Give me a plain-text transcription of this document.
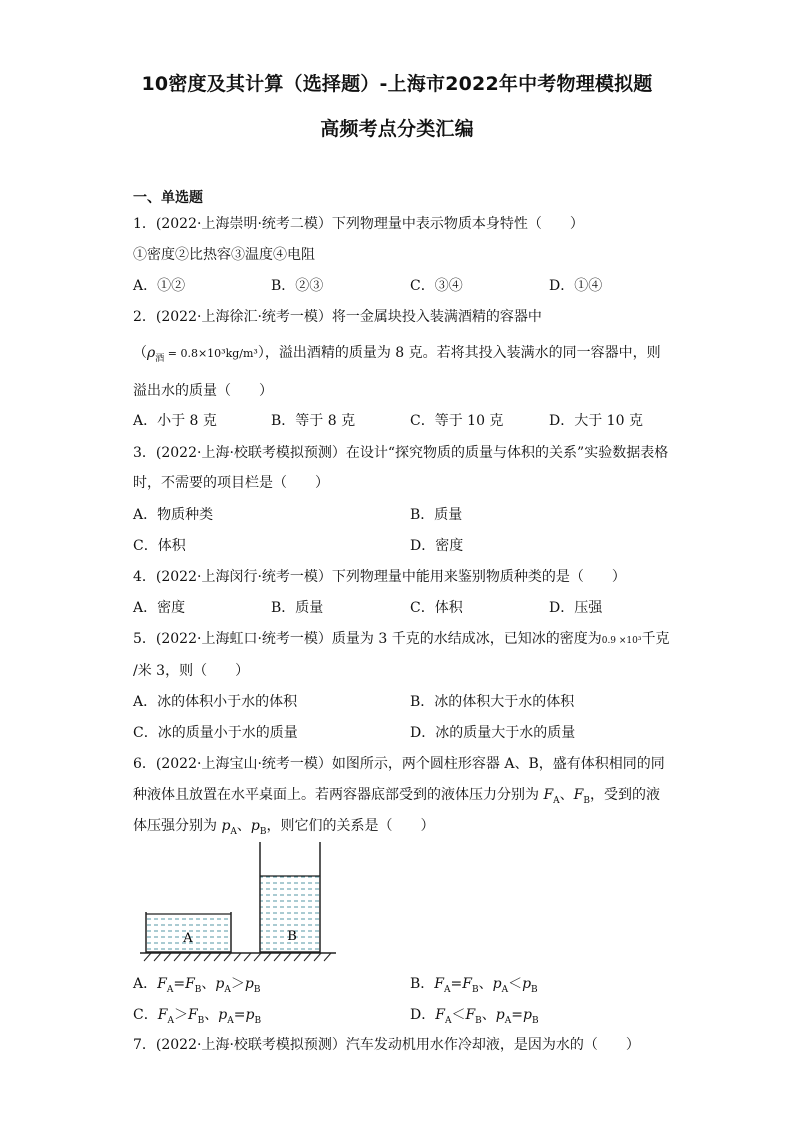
10密度及其计算（选择题）-上海市2022年中考物理模拟题
高频考点分类汇编
一、单选题
1．(2022·上海崇明·统考二模）下列物理量中表示物质本身特性（　　）
①密度②比热容③温度④电阻
A．①②	B．②③	C．③④	D．①④
2．(2022·上海徐汇·统考一模）将一金属块投入装满酒精的容器中
$(\rho_酒 = 0.8\times 10^3kg/m^3)$，溢出酒精的质量为 8 克。若将其投入装满水的同一容器中，则
溢出水的质量（　　）
A．小于 8 克	B．等于 8 克	C．等于 10 克	D．大于 10 克
3．(2022·上海·校联考模拟预测）在设计“探究物质的质量与体积的关系”实验数据表格
时，不需要的项目栏是（　　）
A．物质种类	B．质量
C．体积	D．密度
4．(2022·上海闵行·统考一模）下列物理量中能用来鉴别物质种类的是（　　）
A．密度	B．质量	C．体积	D．压强
5．(2022·上海虹口·统考一模）质量为 3 千克的水结成冰，已知冰的密度为0.9 ×10³千克
/米 3，则（　　）
A．冰的体积小于水的体积	B．冰的体积大于水的体积
C．冰的质量小于水的质量	D．冰的质量大于水的质量
6．(2022·上海宝山·统考一模）如图所示，两个圆柱形容器 A、B，盛有体积相同的同
种液体且放置在水平桌面上。若两容器底部受到的液体压力分别为 $F_A$、$F_B$，受到的液
体压强分别为 $p_A$、$p_B$，则它们的关系是（　　）
A	B
A．$F_A=F_B$、$p_A>p_B$	B．$F_A=F_B$、$p_A<p_B$
C．$F_A>F_B$、$p_A=p_B$	D．$F_A<F_B$、$p_A=p_B$
7．(2022·上海·校联考模拟预测）汽车发动机用水作冷却液，是因为水的（　　）
